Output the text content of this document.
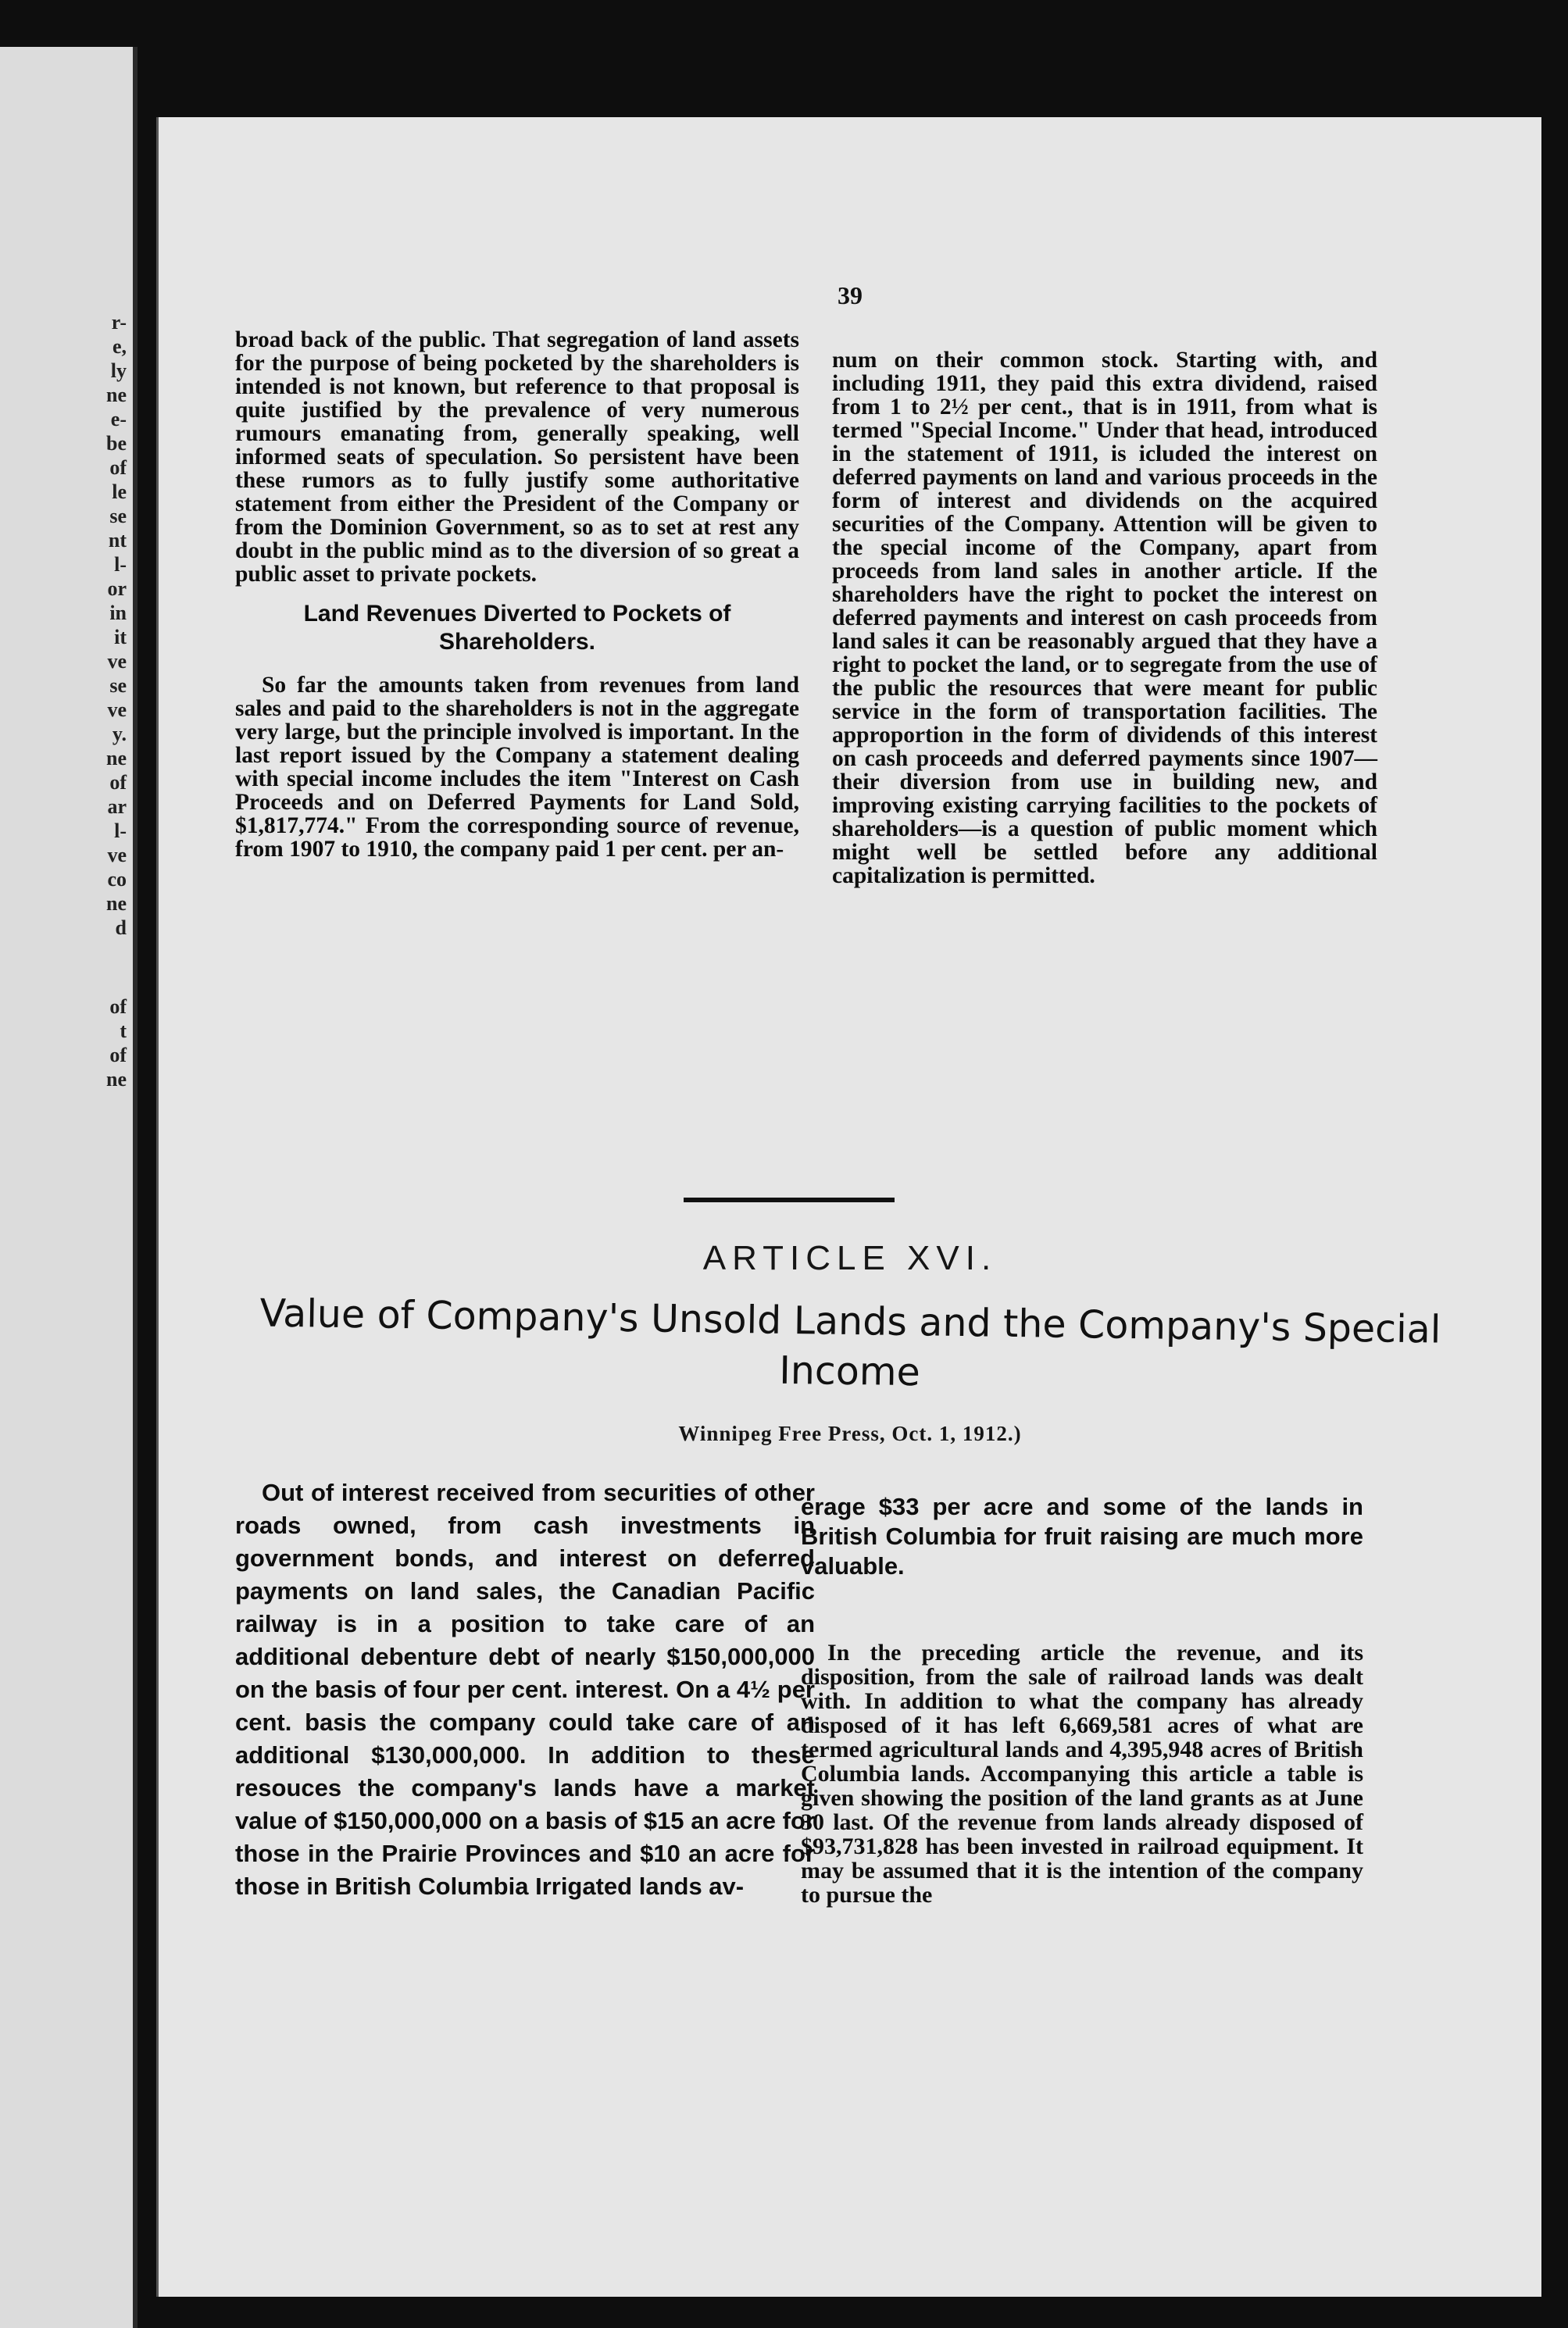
r-
e,
ly
ne
e-
be
of
le
se
nt
l-
or
in
it
ve
se
ve
y.
ne
of
ar
l-
ve
co
ne
d
of
t
of
ne
39

broad back of the public. That segregation of land assets for the purpose of being pocketed by the shareholders is intended is not known, but reference to that proposal is quite justified by the prevalence of very numerous rumours emanating from, generally speaking, well informed seats of speculation. So persistent have been these rumors as to fully justify some authoritative statement from either the President of the Company or from the Dominion Government, so as to set at rest any doubt in the public mind as to the diversion of so great a public asset to private pockets.

Land Revenues Diverted to Pockets of Shareholders.

So far the amounts taken from revenues from land sales and paid to the shareholders is not in the aggregate very large, but the principle involved is important. In the last report issued by the Company a statement dealing with special income includes the item "Interest on Cash Proceeds and on Deferred Payments for Land Sold, $1,817,774." From the corresponding source of revenue, from 1907 to 1910, the company paid 1 per cent. per an-

num on their common stock. Starting with, and including 1911, they paid this extra dividend, raised from 1 to 2½ per cent., that is in 1911, from what is termed "Special Income." Under that head, introduced in the statement of 1911, is icluded the interest on deferred payments on land and various proceeds in the form of interest and dividends on the acquired securities of the Company. Attention will be given to the special income of the Company, apart from proceeds from land sales in another article. If the shareholders have the right to pocket the interest on deferred payments and interest on cash proceeds from land sales it can be reasonably argued that they have a right to pocket the land, or to segregate from the use of the public the resources that were meant for public service in the form of transportation facilities. The approportion in the form of dividends of this interest on cash proceeds and deferred payments since 1907—their diversion from use in building new, and improving existing carrying facilities to the pockets of shareholders—is a question of public moment which might well be settled before any additional capitalization is permitted.

ARTICLE XVI.
Value of Company's Unsold Lands and the Company's Special Income
Winnipeg Free Press, Oct. 1, 1912.)

Out of interest received from securities of other roads owned, from cash investments in government bonds, and interest on deferred payments on land sales, the Canadian Pacific railway is in a position to take care of an additional debenture debt of nearly $150,000,000 on the basis of four per cent. interest. On a 4½ per cent. basis the company could take care of an additional $130,000,000. In addition to these resouces the company's lands have a market value of $150,000,000 on a basis of $15 an acre for those in the Prairie Provinces and $10 an acre for those in British Columbia Irrigated lands av-

erage $33 per acre and some of the lands in British Columbia for fruit raising are much more valuable.

In the preceding article the revenue, and its disposition, from the sale of railroad lands was dealt with. In addition to what the company has already disposed of it has left 6,669,581 acres of what are termed agricultural lands and 4,395,948 acres of British Columbia lands. Accompanying this article a table is given showing the position of the land grants as at June 30 last. Of the revenue from lands already disposed of $93,731,828 has been invested in railroad equipment. It may be assumed that it is the intention of the company to pursue the
